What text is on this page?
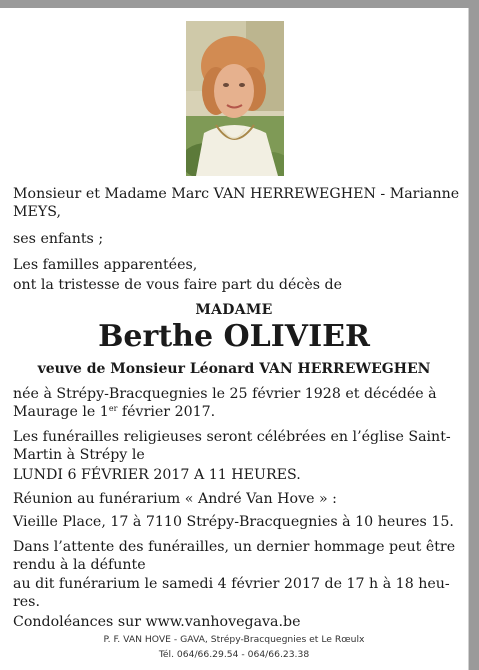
Monsieur et Madame Marc VAN HERREWEGHEN - Marianne

MEYS,

ses enfants ;

Les familles apparentées,

ont la tristesse de vous faire part du décès de

MADAME

Berthe OLIVIER

veuve de Monsieur Léonard VAN HERREWEGHEN

née à Strépy-Bracquegnies le 25 février 1928 et décédée à

Maurage le 1er février 2017.

Les funérailles religieuses seront célébrées en l’église Saint-

Martin à Strépy le

LUNDI 6 FÉVRIER 2017 A 11 HEURES.

Réunion au funérarium « André Van Hove » :

Vieille Place, 17 à 7110 Strépy-Bracquegnies à 10 heures 15.

Dans l’attente des funérailles, un dernier hommage peut être

rendu à la défunte

au dit funérarium le samedi 4 février 2017 de 17 h à 18 heu-

res.

Condoléances sur www.vanhovegava.be

P. F. VAN HOVE - GAVA, Strépy-Bracquegnies et Le Rœulx

Tél. 064/66.29.54 - 064/66.23.38
